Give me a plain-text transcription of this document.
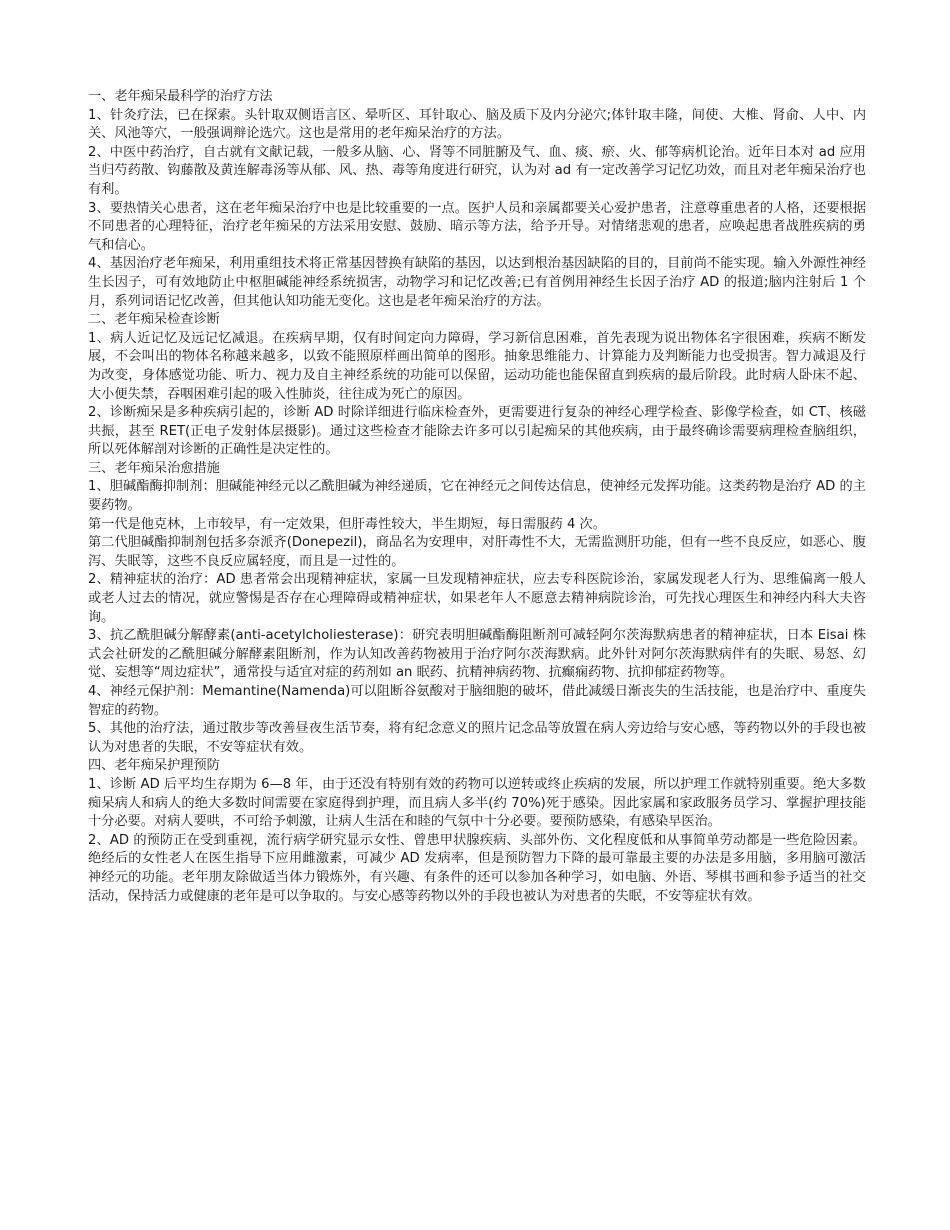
一、老年痴呆最科学的治疗方法

1、针灸疗法，已在探索。头针取双侧语言区、晕听区、耳针取心、脑及质下及内分泌穴;体针取丰隆，间使、大椎、肾俞、人中、内关、风池等穴，一般强调辩论选穴。这也是常用的老年痴呆治疗的方法。

2、中医中药治疗，自古就有文献记载，一般多从脑、心、肾等不同脏腑及气、血、痰、瘀、火、郁等病机论治。近年日本对 ad 应用当归芍药散、钩藤散及黄连解毒汤等从郁、风、热、毒等角度进行研究，认为对 ad 有一定改善学习记忆功效，而且对老年痴呆治疗也有利。

3、要热情关心患者，这在老年痴呆治疗中也是比较重要的一点。医护人员和亲属都要关心爱护患者，注意尊重患者的人格，还要根据不同患者的心理特征，治疗老年痴呆的方法采用安慰、鼓励、暗示等方法，给予开导。对情绪悲观的患者，应唤起患者战胜疾病的勇气和信心。

4、基因治疗老年痴呆，利用重组技术将正常基因替换有缺陷的基因，以达到根治基因缺陷的目的，目前尚不能实现。输入外源性神经生长因子，可有效地防止中枢胆碱能神经系统损害，动物学习和记忆改善;已有首例用神经生长因子治疗 AD 的报道;脑内注射后 1 个月，系列词语记忆改善，但其他认知功能无变化。这也是老年痴呆治疗的方法。

二、老年痴呆检查诊断

1、病人近记忆及远记忆减退。在疾病早期，仅有时间定向力障碍，学习新信息困难，首先表现为说出物体名字很困难，疾病不断发展，不会叫出的物体名称越来越多，以致不能照原样画出简单的图形。抽象思维能力、计算能力及判断能力也受损害。智力减退及行为改变，身体感觉功能、听力、视力及自主神经系统的功能可以保留，运动功能也能保留直到疾病的最后阶段。此时病人卧床不起、大小便失禁，吞咽困难引起的吸入性肺炎，往往成为死亡的原因。

2、诊断痴呆是多种疾病引起的，诊断 AD 时除详细进行临床检查外，更需要进行复杂的神经心理学检查、影像学检查，如 CT、核磁共振，甚至 RET(正电子发射体层摄影)。通过这些检查才能除去许多可以引起痴呆的其他疾病，由于最终确诊需要病理检查脑组织，所以死体解剖对诊断的正确性是决定性的。

三、老年痴呆治愈措施

1、胆碱酯酶抑制剂：胆碱能神经元以乙酰胆碱为神经递质，它在神经元之间传达信息，使神经元发挥功能。这类药物是治疗 AD 的主要药物。

第一代是他克林，上市较早，有一定效果，但肝毒性较大，半生期短，每日需服药 4 次。

第二代胆碱酯抑制剂包括多奈派齐(Donepezil)，商品名为安理申，对肝毒性不大，无需监测肝功能，但有一些不良反应，如恶心、腹泻、失眠等，这些不良反应属轻度，而且是一过性的。

2、精神症状的治疗：AD 患者常会出现精神症状，家属一旦发现精神症状，应去专科医院诊治，家属发现老人行为、思维偏离一般人或老人过去的情况，就应警惕是否存在心理障碍或精神症状，如果老年人不愿意去精神病院诊治，可先找心理医生和神经内科大夫咨询。

3、抗乙酰胆碱分解酵素(anti-acetylcholiesterase)：研究表明胆碱酯酶阻断剂可减轻阿尔茨海默病患者的精神症状，日本 Eisai 株式会社研发的乙酰胆碱分解酵素阻断剂，作为认知改善药物被用于治疗阿尔茨海默病。此外针对阿尔茨海默病伴有的失眠、易怒、幻觉、妄想等“周边症状”，通常投与适宜对症的药剂如 an 眠药、抗精神病药物、抗癫痫药物、抗抑郁症药物等。

4、神经元保护剂：Memantine(Namenda)可以阻断谷氨酸对于脑细胞的破坏，借此减缓日渐丧失的生活技能，也是治疗中、重度失智症的药物。

5、其他的治疗法，通过散步等改善昼夜生活节奏，将有纪念意义的照片记念品等放置在病人旁边给与安心感，等药物以外的手段也被认为对患者的失眠，不安等症状有效。

四、老年痴呆护理预防

1、诊断 AD 后平均生存期为 6—8 年，由于还没有特别有效的药物可以逆转或终止疾病的发展，所以护理工作就特别重要。绝大多数痴呆病人和病人的绝大多数时间需要在家庭得到护理，而且病人多半(约 70%)死于感染。因此家属和家政服务员学习、掌握护理技能十分必要。对病人要哄，不可给予刺激，让病人生活在和睦的气氛中十分必要。要预防感染，有感染早医治。

2、AD 的预防正在受到重视，流行病学研究显示女性、曾患甲状腺疾病、头部外伤、文化程度低和从事简单劳动都是一些危险因素。绝经后的女性老人在医生指导下应用雌激素，可减少 AD 发病率，但是预防智力下降的最可靠最主要的办法是多用脑，多用脑可激活神经元的功能。老年朋友除做适当体力锻炼外，有兴趣、有条件的还可以参加各种学习，如电脑、外语、琴棋书画和参予适当的社交活动，保持活力或健康的老年是可以争取的。与安心感等药物以外的手段也被认为对患者的失眠，不安等症状有效。
